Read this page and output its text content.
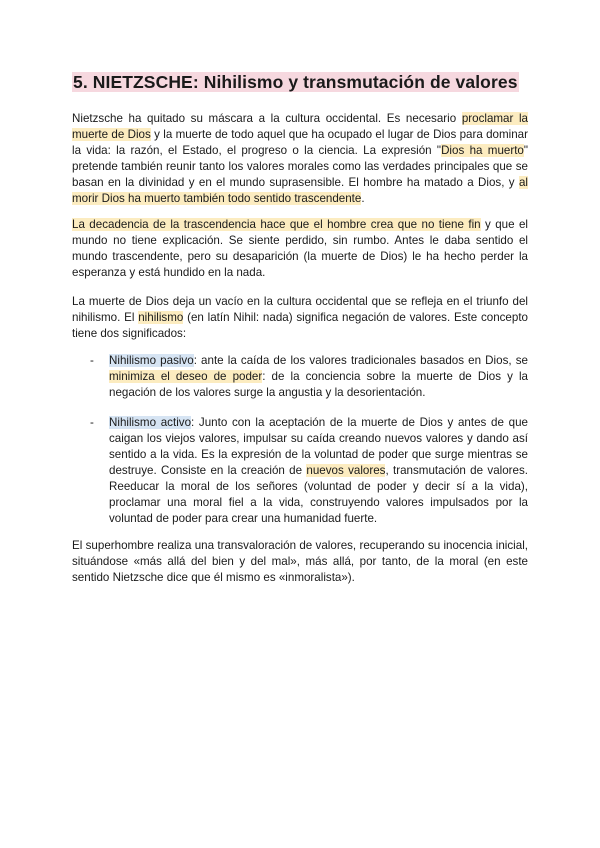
5. NIETZSCHE: Nihilismo y transmutación de valores

Nietzsche ha quitado su máscara a la cultura occidental. Es necesario proclamar la muerte de Dios y la muerte de todo aquel que ha ocupado el lugar de Dios para dominar la vida: la razón, el Estado, el progreso o la ciencia. La expresión "Dios ha muerto" pretende también reunir tanto los valores morales como las verdades principales que se basan en la divinidad y en el mundo suprasensible. El hombre ha matado a Dios, y al morir Dios ha muerto también todo sentido trascendente.

La decadencia de la trascendencia hace que el hombre crea que no tiene fin y que el mundo no tiene explicación. Se siente perdido, sin rumbo. Antes le daba sentido el mundo trascendente, pero su desaparición (la muerte de Dios) le ha hecho perder la esperanza y está hundido en la nada.

La muerte de Dios deja un vacío en la cultura occidental que se refleja en el triunfo del nihilismo. El nihilismo (en latín Nihil: nada) significa negación de valores. Este concepto tiene dos significados:

- Nihilismo pasivo: ante la caída de los valores tradicionales basados en Dios, se minimiza el deseo de poder: de la conciencia sobre la muerte de Dios y la negación de los valores surge la angustia y la desorientación.

- Nihilismo activo: Junto con la aceptación de la muerte de Dios y antes de que caigan los viejos valores, impulsar su caída creando nuevos valores y dando así sentido a la vida. Es la expresión de la voluntad de poder que surge mientras se destruye. Consiste en la creación de nuevos valores, transmutación de valores. Reeducar la moral de los señores (voluntad de poder y decir sí a la vida), proclamar una moral fiel a la vida, construyendo valores impulsados por la voluntad de poder para crear una humanidad fuerte.

El superhombre realiza una transvaloración de valores, recuperando su inocencia inicial, situándose «más allá del bien y del mal», más allá, por tanto, de la moral (en este sentido Nietzsche dice que él mismo es «inmoralista»).
